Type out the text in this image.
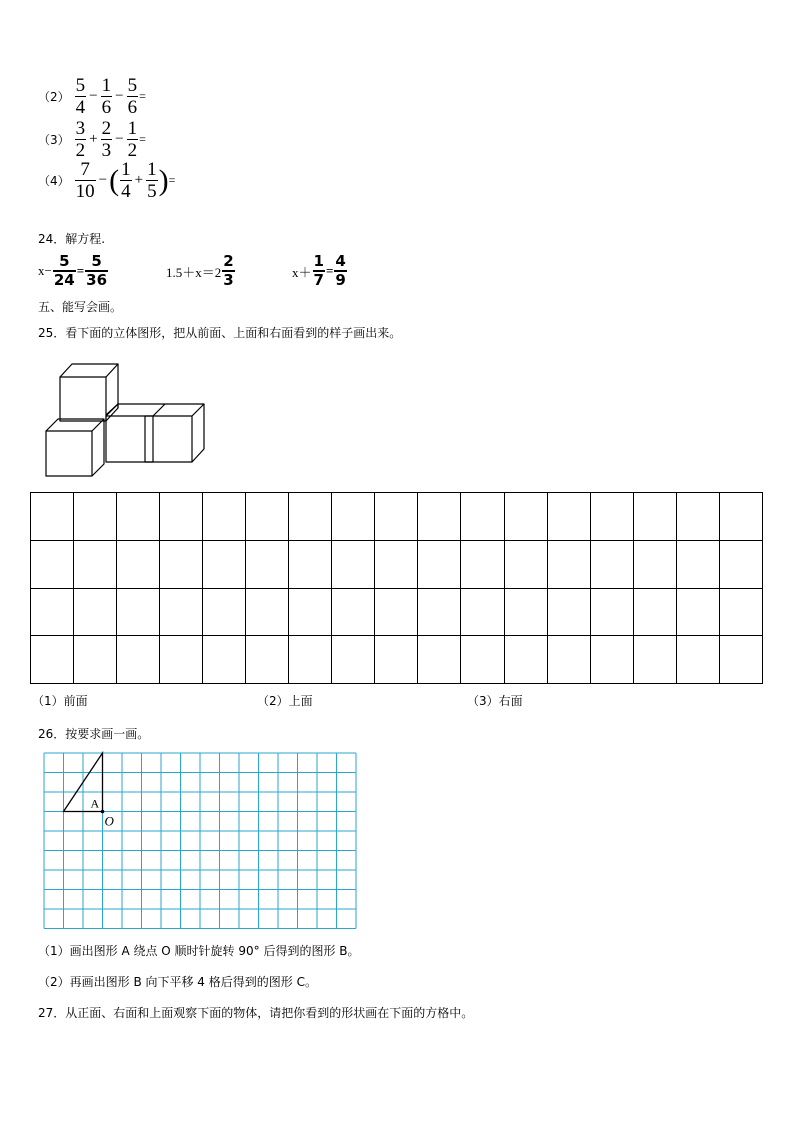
$(2) \frac{5}{4} - \frac{1}{6} - \frac{5}{6}$ =
$(3) \frac{3}{2} + \frac{2}{3} - \frac{1}{2}$ =
$(4) \frac{7}{10}$ − ( $\frac{1}{4} + \frac{1}{5}$ ) =
24．解方程.
$x- \frac{5}{24} = \frac{5}{36}$	$1.5+x=2 \frac{2}{3}$	$x+ \frac{1}{7} = \frac{4}{9}$
五、能写会画。
25．看下面的立体图形，把从前面、上面和右面看到的样子画出来。

（1）前面	（2）上面	（3）右面
26．按要求画一画。
A
O
（1）画出图形 A 绕点 O 顺时针旋转 90° 后得到的图形 B。
（2）再画出图形 B 向下平移 4 格后得到的图形 C。
27．从正面、右面和上面观察下面的物体，请把你看到的形状画在下面的方格中。
